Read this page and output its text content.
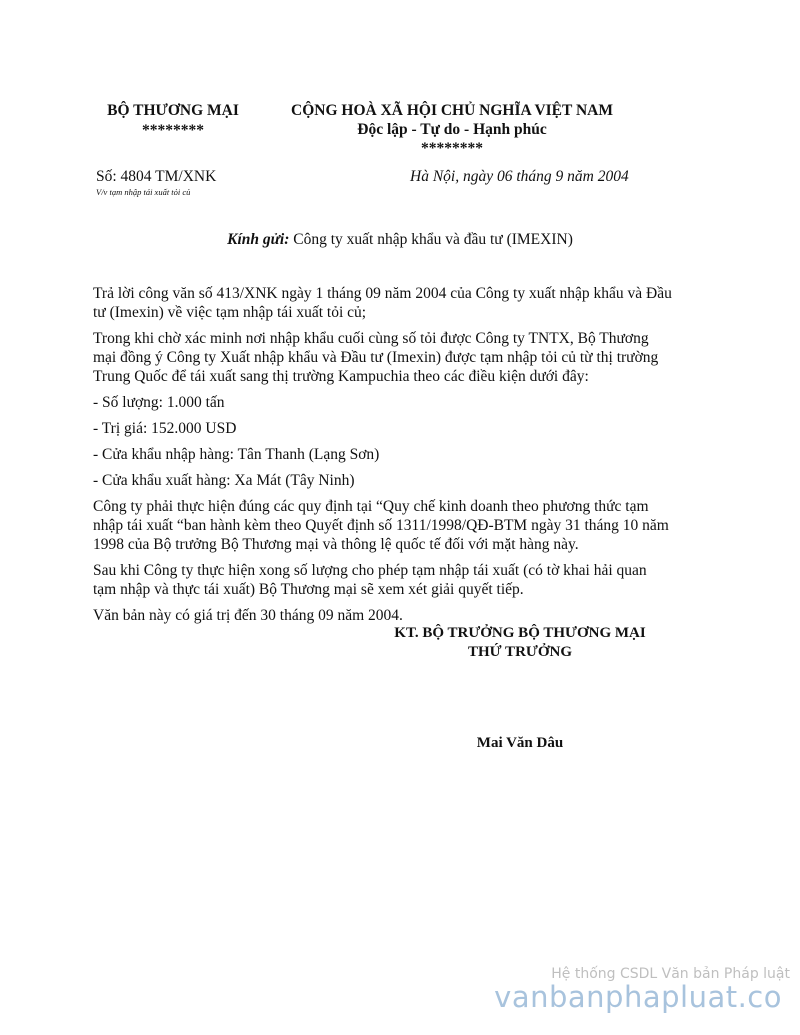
BỘ THƯƠNG MẠI
********
CỘNG HOÀ XÃ HỘI CHỦ NGHĨA VIỆT NAM
Độc lập - Tự do - Hạnh phúc
********
Số: 4804 TM/XNK
V/v tạm nhập tái xuất tỏi củ
Hà Nội, ngày 06 tháng 9 năm 2004
Kính gửi: Công ty xuất nhập khẩu và đầu tư (IMEXIN)

Trả lời công văn số 413/XNK ngày 1 tháng 09 năm 2004 của Công ty xuất nhập khẩu và Đầu tư (Imexin) về việc tạm nhập tái xuất tỏi củ;

Trong khi chờ xác minh nơi nhập khẩu cuối cùng số tỏi được Công ty TNTX, Bộ Thương mại đồng ý Công ty Xuất nhập khẩu và Đầu tư (Imexin) được tạm nhập tỏi củ từ thị trường Trung Quốc để tái xuất sang thị trường Kampuchia theo các điều kiện dưới đây:

- Số lượng: 1.000 tấn

- Trị giá: 152.000 USD

- Cửa khẩu nhập hàng: Tân Thanh (Lạng Sơn)

- Cửa khẩu xuất hàng: Xa Mát (Tây Ninh)

Công ty phải thực hiện đúng các quy định tại “Quy chế kinh doanh theo phương thức tạm nhập tái xuất “ban hành kèm theo Quyết định số 1311/1998/QĐ-BTM ngày 31 tháng 10 năm 1998 của Bộ trưởng Bộ Thương mại và thông lệ quốc tế đối với mặt hàng này.

Sau khi Công ty thực hiện xong số lượng cho phép tạm nhập tái xuất (có tờ khai hải quan tạm nhập và thực tái xuất) Bộ Thương mại sẽ xem xét giải quyết tiếp.

Văn bản này có giá trị đến 30 tháng 09 năm 2004.

KT. BỘ TRƯỞNG BỘ THƯƠNG MẠI
THỨ TRƯỞNG
Mai Văn Dâu
Hệ thống CSDL Văn bản Pháp luật
vanbanphapluat.co
